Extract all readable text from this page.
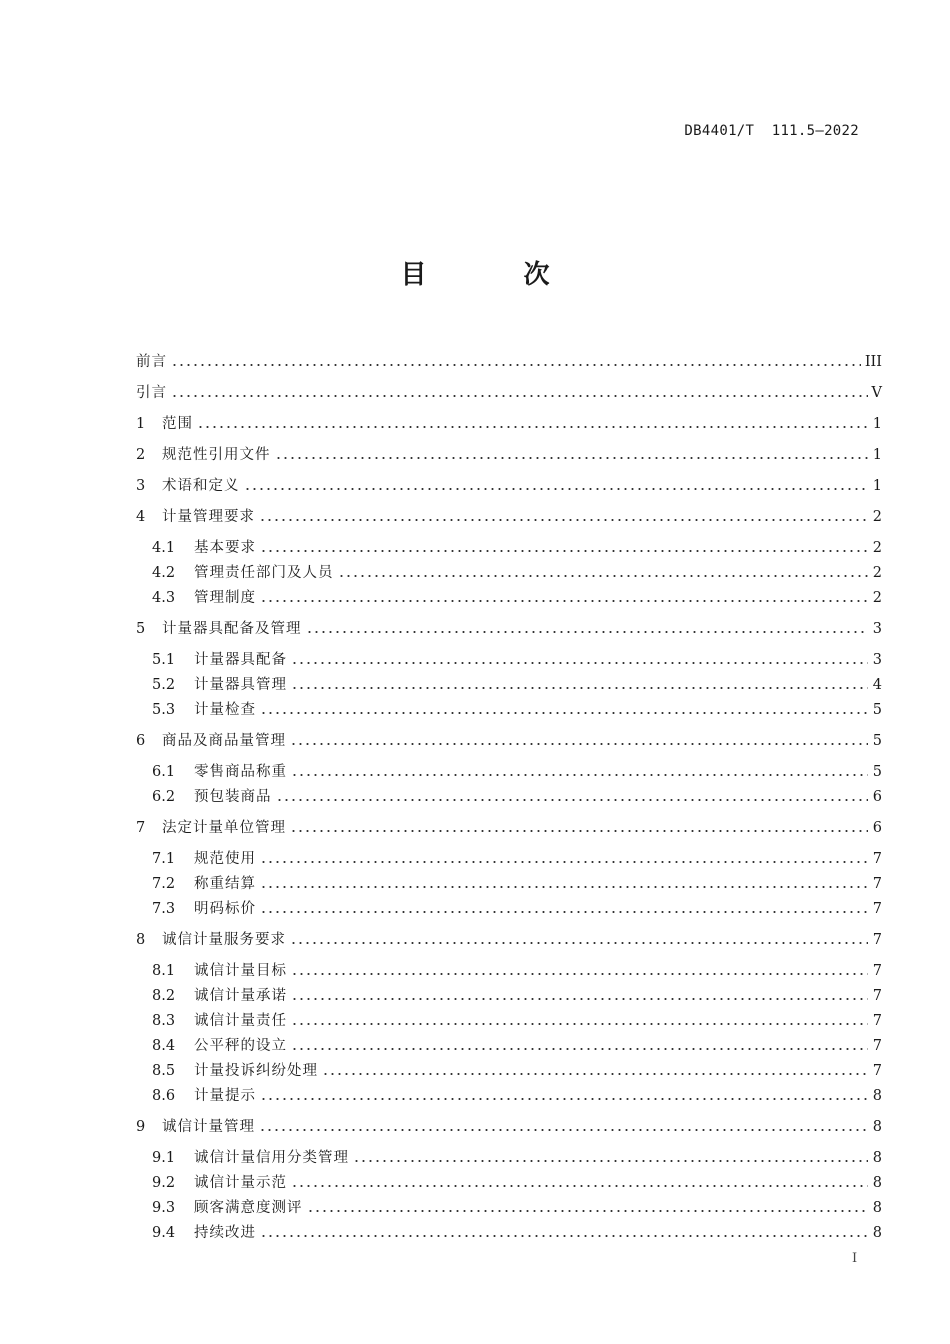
DB4401/T  111.5—2022
目 次
前言	III
引言	V
1	范围	1
2	规范性引用文件	1
3	术语和定义	1
4	计量管理要求	2
4.1	基本要求	2
4.2	管理责任部门及人员	2
4.3	管理制度	2
5	计量器具配备及管理	3
5.1	计量器具配备	3
5.2	计量器具管理	4
5.3	计量检查	5
6	商品及商品量管理	5
6.1	零售商品称重	5
6.2	预包装商品	6
7	法定计量单位管理	6
7.1	规范使用	7
7.2	称重结算	7
7.3	明码标价	7
8	诚信计量服务要求	7
8.1	诚信计量目标	7
8.2	诚信计量承诺	7
8.3	诚信计量责任	7
8.4	公平秤的设立	7
8.5	计量投诉纠纷处理	7
8.6	计量提示	8
9	诚信计量管理	8
9.1	诚信计量信用分类管理	8
9.2	诚信计量示范	8
9.3	顾客满意度测评	8
9.4	持续改进	8
I
